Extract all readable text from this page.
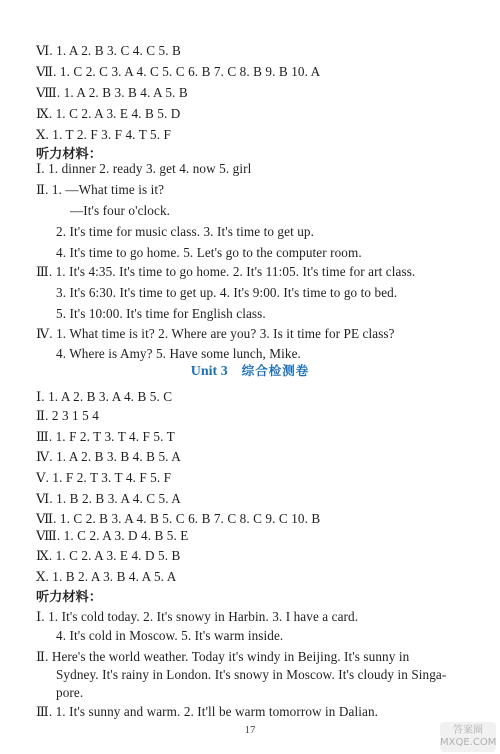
Ⅵ. 1. A 2. B 3. C 4. C 5. B
Ⅶ. 1. C 2. C 3. A 4. C 5. C 6. B 7. C 8. B 9. B 10. A
Ⅷ. 1. A 2. B 3. B 4. A 5. B
Ⅸ. 1. C 2. A 3. E 4. B 5. D
Ⅹ. 1. T 2. F 3. F 4. T 5. F
听力材料：
Ⅰ. 1. dinner 2. ready 3. get 4. now 5. girl
Ⅱ. 1. —What time is it?
—It's four o'clock.
2. It's time for music class. 3. It's time to get up.
4. It's time to go home. 5. Let's go to the computer room.
Ⅲ. 1. It's 4:35. It's time to go home. 2. It's 11:05. It's time for art class.
3. It's 6:30. It's time to get up. 4. It's 9:00. It's time to go to bed.
5. It's 10:00. It's time for English class.
Ⅳ. 1. What time is it? 2. Where are you? 3. Is it time for PE class?
4. Where is Amy? 5. Have some lunch, Mike.
Unit 3 综合检测卷
Ⅰ. 1. A 2. B 3. A 4. B 5. C
Ⅱ. 2 3 1 5 4
Ⅲ. 1. F 2. T 3. T 4. F 5. T
Ⅳ. 1. A 2. B 3. B 4. B 5. A
Ⅴ. 1. F 2. T 3. T 4. F 5. F
Ⅵ. 1. B 2. B 3. A 4. C 5. A
Ⅶ. 1. C 2. B 3. A 4. B 5. C 6. B 7. C 8. C 9. C 10. B
Ⅷ. 1. C 2. A 3. D 4. B 5. E
Ⅸ. 1. C 2. A 3. E 4. D 5. B
Ⅹ. 1. B 2. A 3. B 4. A 5. A
听力材料：
Ⅰ. 1. It's cold today. 2. It's snowy in Harbin. 3. I have a card.
4. It's cold in Moscow. 5. It's warm inside.
Ⅱ. Here's the world weather. Today it's windy in Beijing. It's sunny in
Sydney. It's rainy in London. It's snowy in Moscow. It's cloudy in Singa-
pore.
Ⅲ. 1. It's sunny and warm. 2. It'll be warm tomorrow in Dalian.
17	答案圈 MXQE.COM
